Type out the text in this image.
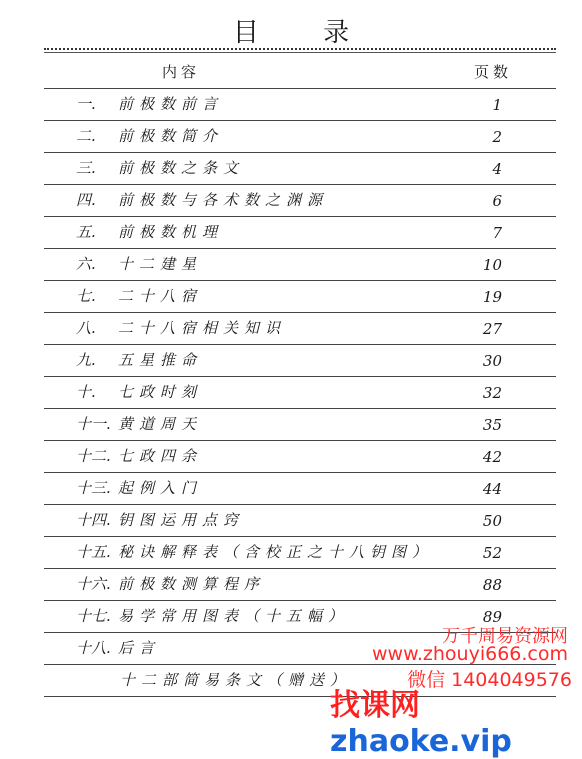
目 录
内容	页数
一. 前极数前言	1
二. 前极数简介	2
三. 前极数之条文	4
四. 前极数与各术数之渊源	6
五. 前极数机理	7
六. 十二建星	10
七. 二十八宿	19
八. 二十八宿相关知识	27
九. 五星推命	30
十. 七政时刻	32
十一. 黄道周天	35
十二. 七政四余	42
十三. 起例入门	44
十四. 钥图运用点窍	50
十五. 秘诀解释表（含校正之十八钥图）	52
十六. 前极数测算程序	88
十七. 易学常用图表（十五幅）	89
十八. 后言
十二部简易条文（赠送）
万千周易资源网
www.zhouyi666.com
微信 1404049576
找课网zhaoke.vip
